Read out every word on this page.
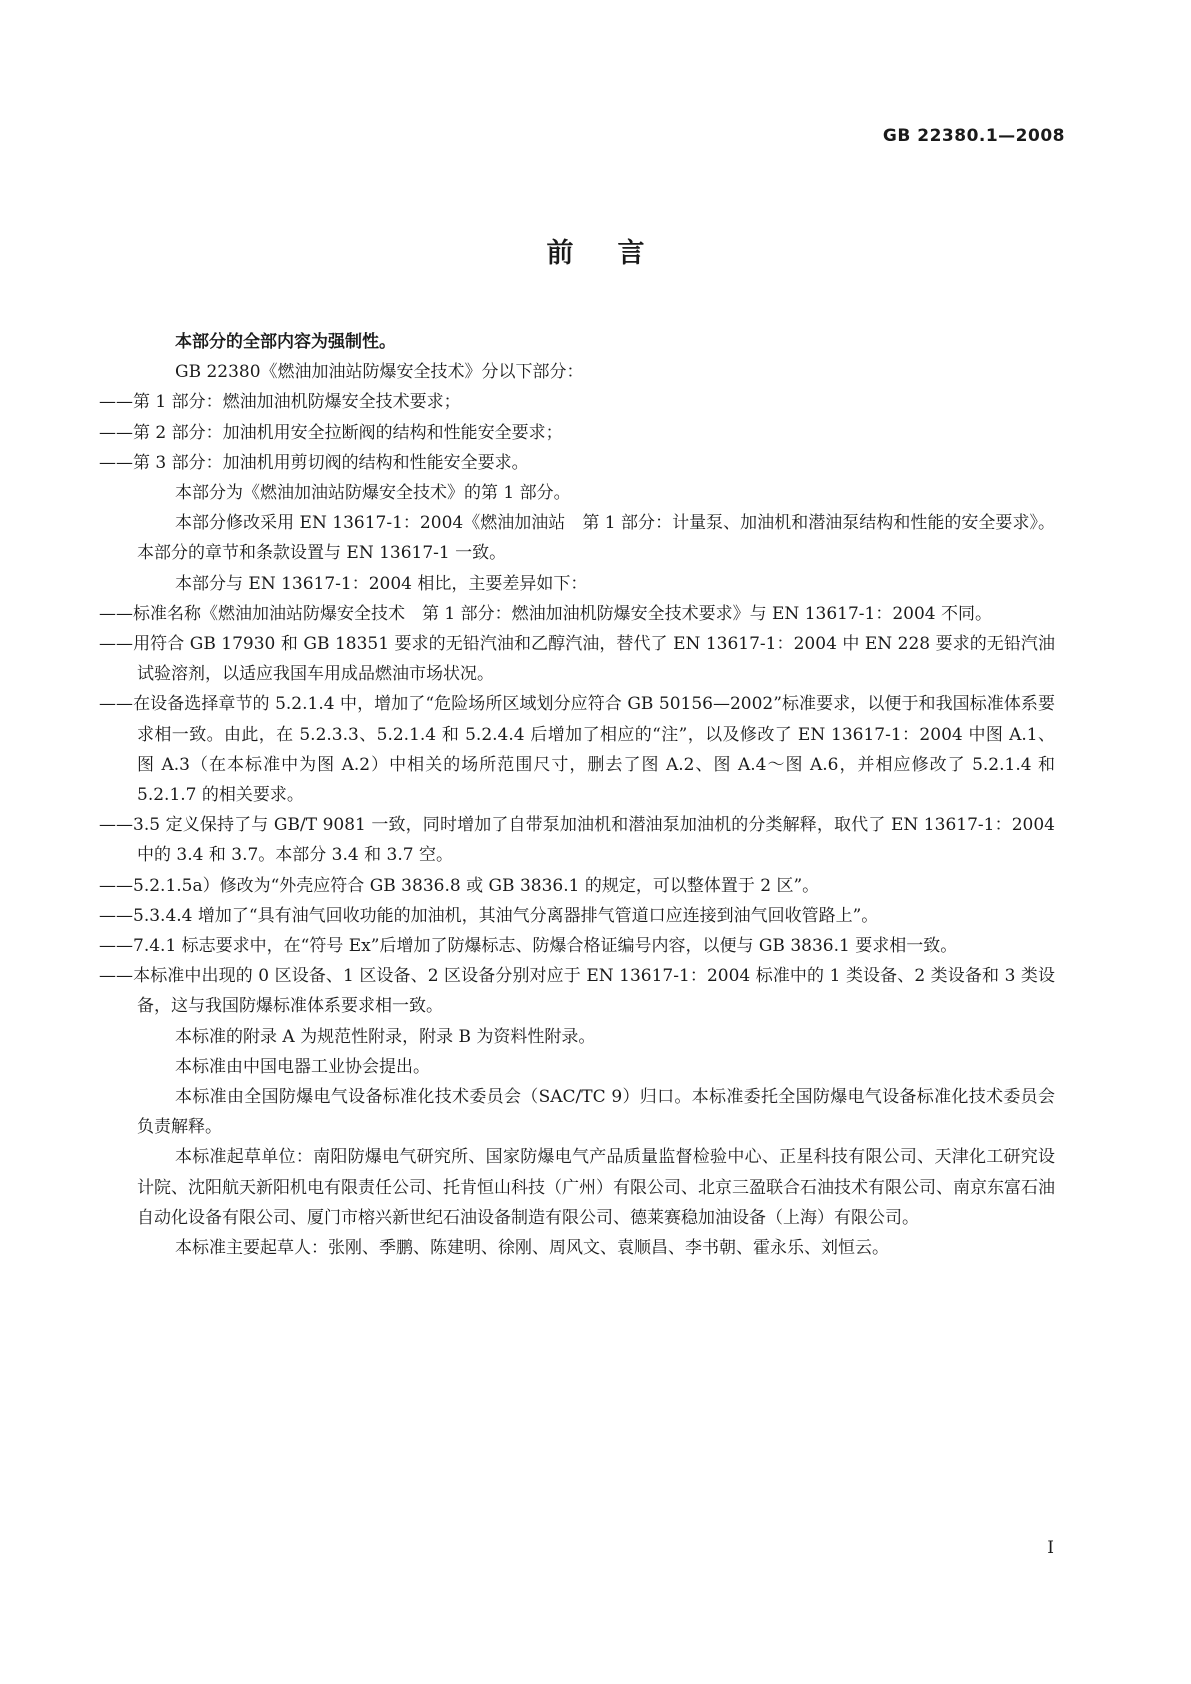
GB 22380.1—2008
前言

本部分的全部内容为强制性。

GB 22380《燃油加油站防爆安全技术》分以下部分：

——第 1 部分：燃油加油机防爆安全技术要求；

——第 2 部分：加油机用安全拉断阀的结构和性能安全要求；

——第 3 部分：加油机用剪切阀的结构和性能安全要求。

本部分为《燃油加油站防爆安全技术》的第 1 部分。

本部分修改采用 EN 13617-1：2004《燃油加油站　第 1 部分：计量泵、加油机和潜油泵结构和性能的安全要求》。本部分的章节和条款设置与 EN 13617-1 一致。

本部分与 EN 13617-1：2004 相比，主要差异如下：

——标准名称《燃油加油站防爆安全技术　第 1 部分：燃油加油机防爆安全技术要求》与 EN 13617-1：2004 不同。

——用符合 GB 17930 和 GB 18351 要求的无铅汽油和乙醇汽油，替代了 EN 13617-1：2004 中 EN 228 要求的无铅汽油试验溶剂，以适应我国车用成品燃油市场状况。

——在设备选择章节的 5.2.1.4 中，增加了“危险场所区域划分应符合 GB 50156—2002”标准要求，以便于和我国标准体系要求相一致。由此，在 5.2.3.3、5.2.1.4 和 5.2.4.4 后增加了相应的“注”，以及修改了 EN 13617-1：2004 中图 A.1、图 A.3（在本标准中为图 A.2）中相关的场所范围尺寸，删去了图 A.2、图 A.4～图 A.6，并相应修改了 5.2.1.4 和 5.2.1.7 的相关要求。

——3.5 定义保持了与 GB/T 9081 一致，同时增加了自带泵加油机和潜油泵加油机的分类解释，取代了 EN 13617-1：2004 中的 3.4 和 3.7。本部分 3.4 和 3.7 空。

——5.2.1.5a）修改为“外壳应符合 GB 3836.8 或 GB 3836.1 的规定，可以整体置于 2 区”。

——5.3.4.4 增加了“具有油气回收功能的加油机，其油气分离器排气管道口应连接到油气回收管路上”。

——7.4.1 标志要求中，在“符号 Ex”后增加了防爆标志、防爆合格证编号内容，以便与 GB 3836.1 要求相一致。

——本标准中出现的 0 区设备、1 区设备、2 区设备分别对应于 EN 13617-1：2004 标准中的 1 类设备、2 类设备和 3 类设备，这与我国防爆标准体系要求相一致。

本标准的附录 A 为规范性附录，附录 B 为资料性附录。

本标准由中国电器工业协会提出。

本标准由全国防爆电气设备标准化技术委员会（SAC/TC 9）归口。本标准委托全国防爆电气设备标准化技术委员会负责解释。

本标准起草单位：南阳防爆电气研究所、国家防爆电气产品质量监督检验中心、正星科技有限公司、天津化工研究设计院、沈阳航天新阳机电有限责任公司、托肯恒山科技（广州）有限公司、北京三盈联合石油技术有限公司、南京东富石油自动化设备有限公司、厦门市榕兴新世纪石油设备制造有限公司、德莱赛稳加油设备（上海）有限公司。

本标准主要起草人：张刚、季鹏、陈建明、徐刚、周风文、袁顺昌、李书朝、霍永乐、刘恒云。

I
